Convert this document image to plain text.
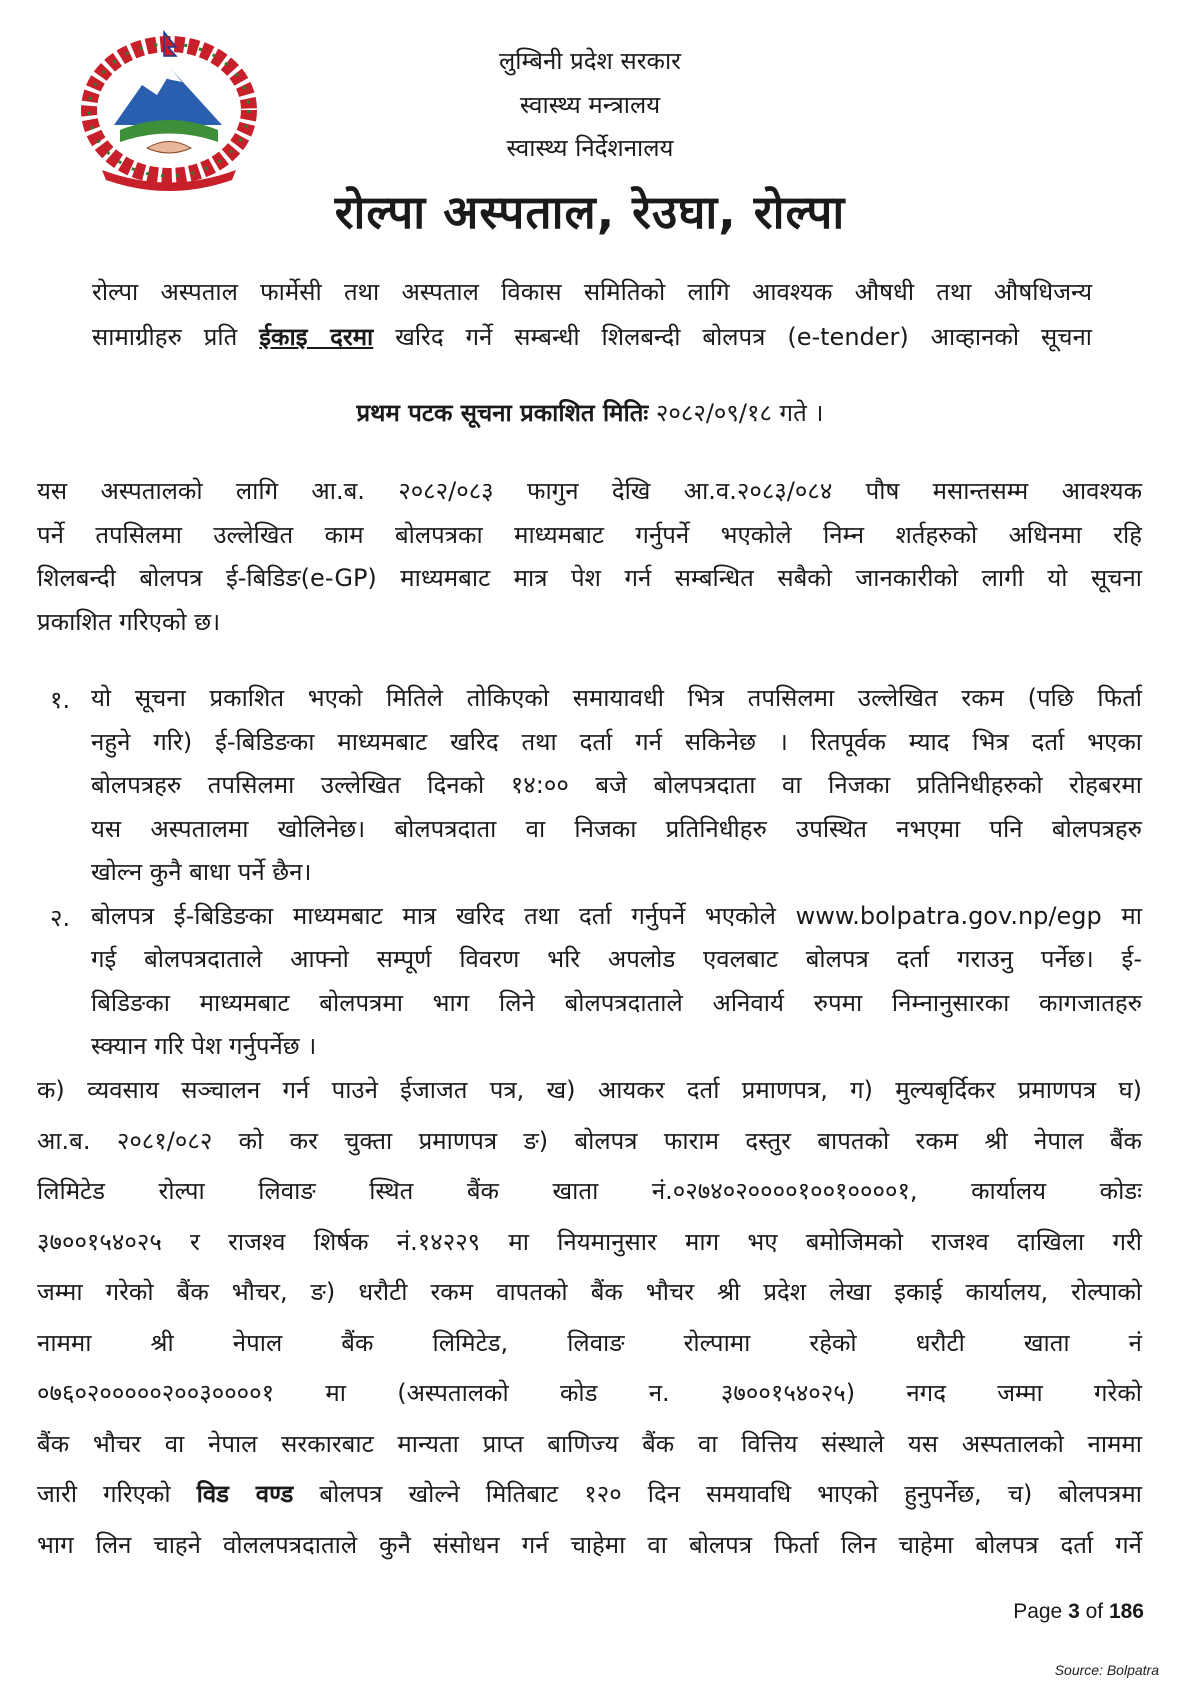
लुम्बिनी प्रदेश सरकार
स्वास्थ्य मन्त्रालय
स्वास्थ्य निर्देशनालय
रोल्पा अस्पताल, रेउघा, रोल्पा
रोल्पा अस्पताल फार्मेसी तथा अस्पताल विकास समितिको लागि आवश्यक औषधी तथा औषधिजन्य
सामाग्रीहरु प्रति ईकाइ दरमा खरिद गर्ने सम्बन्धी शिलबन्दी बोलपत्र (e-tender) आव्हानको सूचना
प्रथम पटक सूचना प्रकाशित मितिः २०८२/०९/१८ गते ।
यस अस्पतालको लागि आ.ब. २०८२/०८३ फागुन देखि आ.व.२०८३/०८४ पौष मसान्तसम्म आवश्यक
पर्ने तपसिलमा उल्लेखित काम बोलपत्रका माध्यमबाट गर्नुपर्ने भएकोले निम्न शर्तहरुको अधिनमा रहि
शिलबन्दी बोलपत्र ई-बिडिङ(e-GP) माध्यमबाट मात्र पेश गर्न सम्बन्धित सबैको जानकारीको लागी यो सूचना
प्रकाशित गरिएको छ।
१. यो सूचना प्रकाशित भएको मितिले तोकिएको समायावधी भित्र तपसिलमा उल्लेखित रकम (पछि फिर्ता
नहुने गरि) ई-बिडिङका माध्यमबाट खरिद तथा दर्ता गर्न सकिनेछ । रितपूर्वक म्याद भित्र दर्ता भएका
बोलपत्रहरु तपसिलमा उल्लेखित दिनको १४:०० बजे बोलपत्रदाता वा निजका प्रतिनिधीहरुको रोहबरमा
यस अस्पतालमा खोलिनेछ। बोलपत्रदाता वा निजका प्रतिनिधीहरु उपस्थित नभएमा पनि बोलपत्रहरु
खोल्न कुनै बाधा पर्ने छैन।
२. बोलपत्र ई-बिडिङका माध्यमबाट मात्र खरिद तथा दर्ता गर्नुपर्ने भएकोले www.bolpatra.gov.np/egp मा
गई बोलपत्रदाताले आफ्नो सम्पूर्ण विवरण भरि अपलोड एवलबाट बोलपत्र दर्ता गराउनु पर्नेछ। ई-
बिडिङका माध्यमबाट बोलपत्रमा भाग लिने बोलपत्रदाताले अनिवार्य रुपमा निम्नानुसारका कागजातहरु
स्क्यान गरि पेश गर्नुपर्नेछ ।
क) व्यवसाय सञ्चालन गर्न पाउने ईजाजत पत्र, ख) आयकर दर्ता प्रमाणपत्र, ग) मुल्यबृर्दिकर प्रमाणपत्र घ)
आ.ब. २०८१/०८२ को कर चुक्ता प्रमाणपत्र ङ) बोलपत्र फाराम दस्तुर बापतको रकम श्री नेपाल बैंक
लिमिटेड रोल्पा लिवाङ स्थित बैंक खाता नं.०२७४०२००००१००१००००१, कार्यालय कोडः
३७००१५४०२५ र राजश्व शिर्षक नं.१४२२९ मा नियमानुसार माग भए बमोजिमको राजश्व दाखिला गरी
जम्मा गरेको बैंक भौचर, ङ) धरौटी रकम वापतको बैंक भौचर श्री प्रदेश लेखा इकाई कार्यालय, रोल्पाको
नाममा श्री नेपाल बैंक लिमिटेड, लिवाङ रोल्पामा रहेको धरौटी खाता नं
०७६०२०००००२००३००००१ मा (अस्पतालको कोड न. ३७००१५४०२५) नगद जम्मा गरेको
बैंक भौचर वा नेपाल सरकारबाट मान्यता प्राप्त बाणिज्य बैंक वा वित्तिय संस्थाले यस अस्पतालको नाममा
जारी गरिएको विड वण्ड बोलपत्र खोल्ने मितिबाट १२० दिन समयावधि भाएको हुनुपर्नेछ, च) बोलपत्रमा
भाग लिन चाहने वोललपत्रदाताले कुनै संसोधन गर्न चाहेमा वा बोलपत्र फिर्ता लिन चाहेमा बोलपत्र दर्ता गर्ने
Page 3 of 186
Source: Bolpatra
